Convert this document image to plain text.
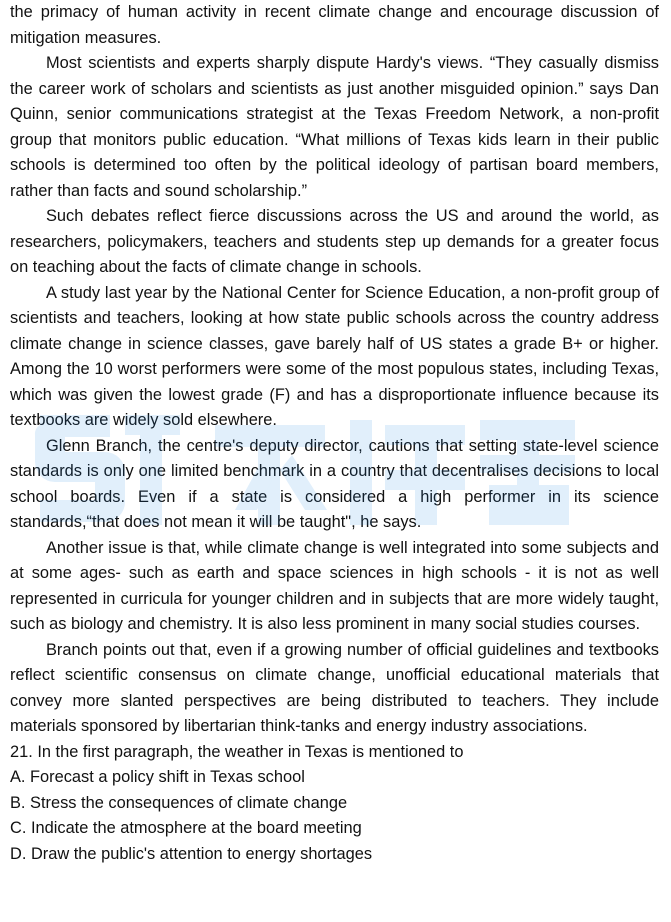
the primacy of human activity in recent climate change and encourage discussion of mitigation measures.

Most scientists and experts sharply dispute Hardy's views. “They casually dismiss the career work of scholars and scientists as just another misguided opinion.” says Dan Quinn, senior communications strategist at the Texas Freedom Network, a non-profit group that monitors public education. “What millions of Texas kids learn in their public schools is determined too often by the political ideology of partisan board members, rather than facts and sound scholarship.”

Such debates reflect fierce discussions across the US and around the world, as researchers, policymakers, teachers and students step up demands for a greater focus on teaching about the facts of climate change in schools.

A study last year by the National Center for Science Education, a non-profit group of scientists and teachers, looking at how state public schools across the country address climate change in science classes, gave barely half of US states a grade B+ or higher. Among the 10 worst performers were some of the most populous states, including Texas, which was given the lowest grade (F) and has a disproportionate influence because its textbooks are widely sold elsewhere.

Glenn Branch, the centre's deputy director, cautions that setting state-level science standards is only one limited benchmark in a country that decentralises decisions to local school boards. Even if a state is considered a high performer in its science standards,“that does not mean it will be taught", he says.

Another issue is that, while climate change is well integrated into some subjects and at some ages- such as earth and space sciences in high schools - it is not as well represented in curricula for younger children and in subjects that are more widely taught, such as biology and chemistry. It is also less prominent in many social studies courses.

Branch points out that, even if a growing number of official guidelines and textbooks reflect scientific consensus on climate change, unofficial educational materials that convey more slanted perspectives are being distributed to teachers. They include materials sponsored by libertarian think-tanks and energy industry associations.

21. In the first paragraph, the weather in Texas is mentioned to

A. Forecast a policy shift in Texas school

B. Stress the consequences of climate change

C. Indicate the atmosphere at the board meeting

D. Draw the public's attention to energy shortages
